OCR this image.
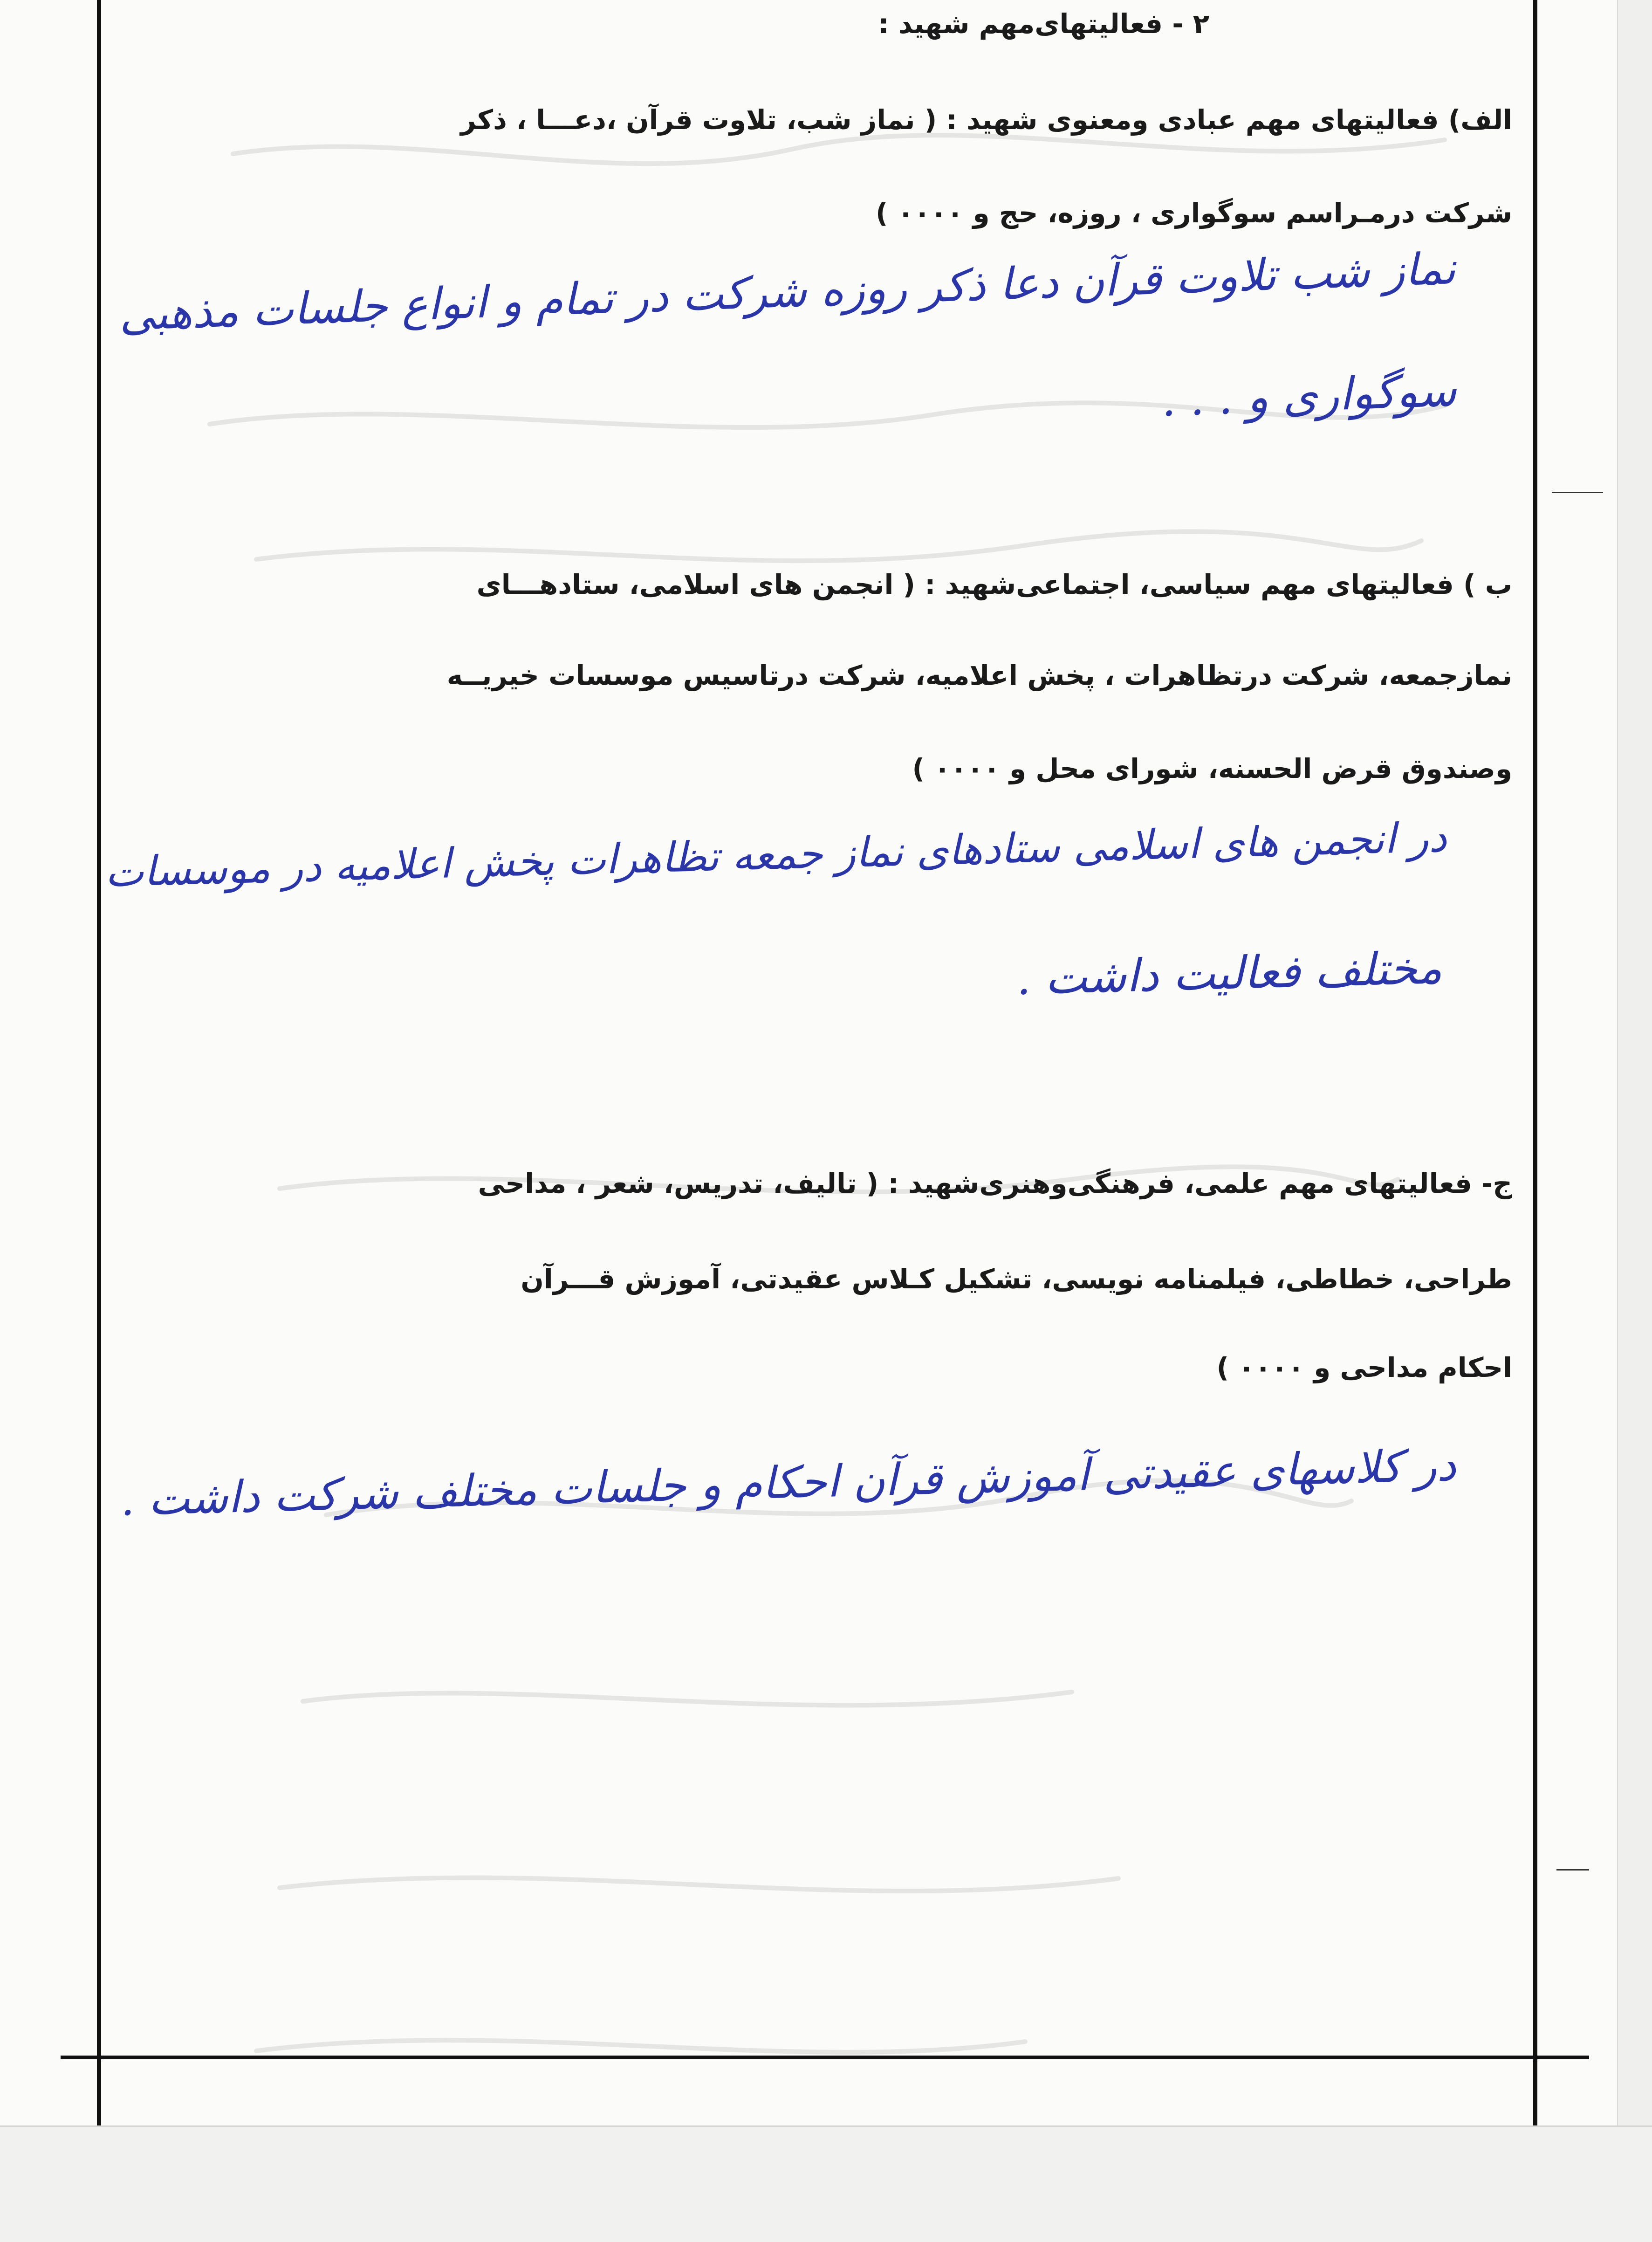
۲ - فعالیتهای‌مهم شهید :
الف) فعالیتهای مهم عبادی ومعنوی شهید : ( نماز شب، تلاوت قرآن ،دعـــا ، ذکر
شرکت درمـراسم سوگواری ، روزه، حج و ۰۰۰۰ )
نماز شب تلاوت قرآن دعا ذکر روزه شرکت در تمام و انواع جلسات مذهبی
سوگواری و . . .
ب ) فعالیتهای مهم سیاسی، اجتماعی‌شهید : ( انجمن های اسلامی، ستادهـــای
نمازجمعه، شرکت درتظاهرات ، پخش اعلامیه، شرکت درتاسیس موسسات خیریــه
وصندوق قرض الحسنه، شورای محل و ۰۰۰۰ )
در انجمن های اسلامی ستادهای نماز جمعه تظاهرات پخش اعلامیه در موسسات
مختلف فعالیت داشت .
ج- فعالیتهای مهم علمی، فرهنگی‌وهنری‌شهید : ( تالیف، تدریس، شعر ، مداحی
طراحی، خطاطی، فیلمنامه نویسی، تشکیل کـلاس عقیدتی، آموزش قـــرآن
احکام مداحی و ۰۰۰۰ )
در کلاسهای عقیدتی آموزش قرآن احکام و جلسات مختلف شرکت داشت .
